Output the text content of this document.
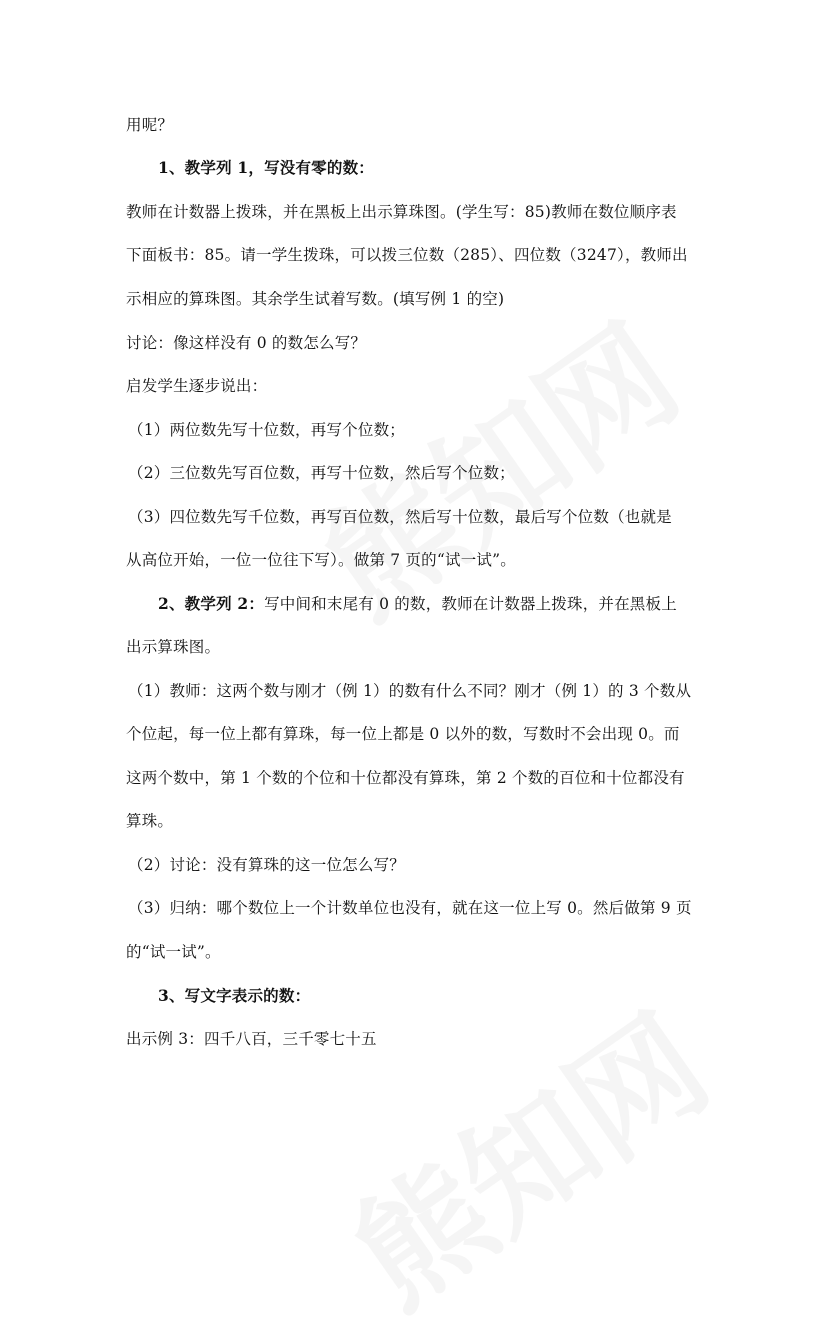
用呢？
1、教学列 1，写没有零的数：
教师在计数器上拨珠，并在黑板上出示算珠图。(学生写：85)教师在数位顺序表
下面板书：85。请一学生拨珠，可以拨三位数（285）、四位数（3247），教师出
示相应的算珠图。其余学生试着写数。(填写例 1 的空)
讨论：像这样没有 0 的数怎么写？
启发学生逐步说出：
（1）两位数先写十位数，再写个位数；
（2）三位数先写百位数，再写十位数，然后写个位数；
（3）四位数先写千位数，再写百位数，然后写十位数，最后写个位数（也就是
从高位开始，一位一位往下写）。做第 7 页的“试一试”。
2、教学列 2：写中间和末尾有 0 的数，教师在计数器上拨珠，并在黑板上
出示算珠图。
（1）教师：这两个数与刚才（例 1）的数有什么不同？刚才（例 1）的 3 个数从
个位起，每一位上都有算珠，每一位上都是 0 以外的数，写数时不会出现 0。而
这两个数中，第 1 个数的个位和十位都没有算珠，第 2 个数的百位和十位都没有
算珠。
（2）讨论：没有算珠的这一位怎么写？
（3）归纳：哪个数位上一个计数单位也没有，就在这一位上写 0。然后做第 9 页
的“试一试”。
3、写文字表示的数：
出示例 3：四千八百，三千零七十五
